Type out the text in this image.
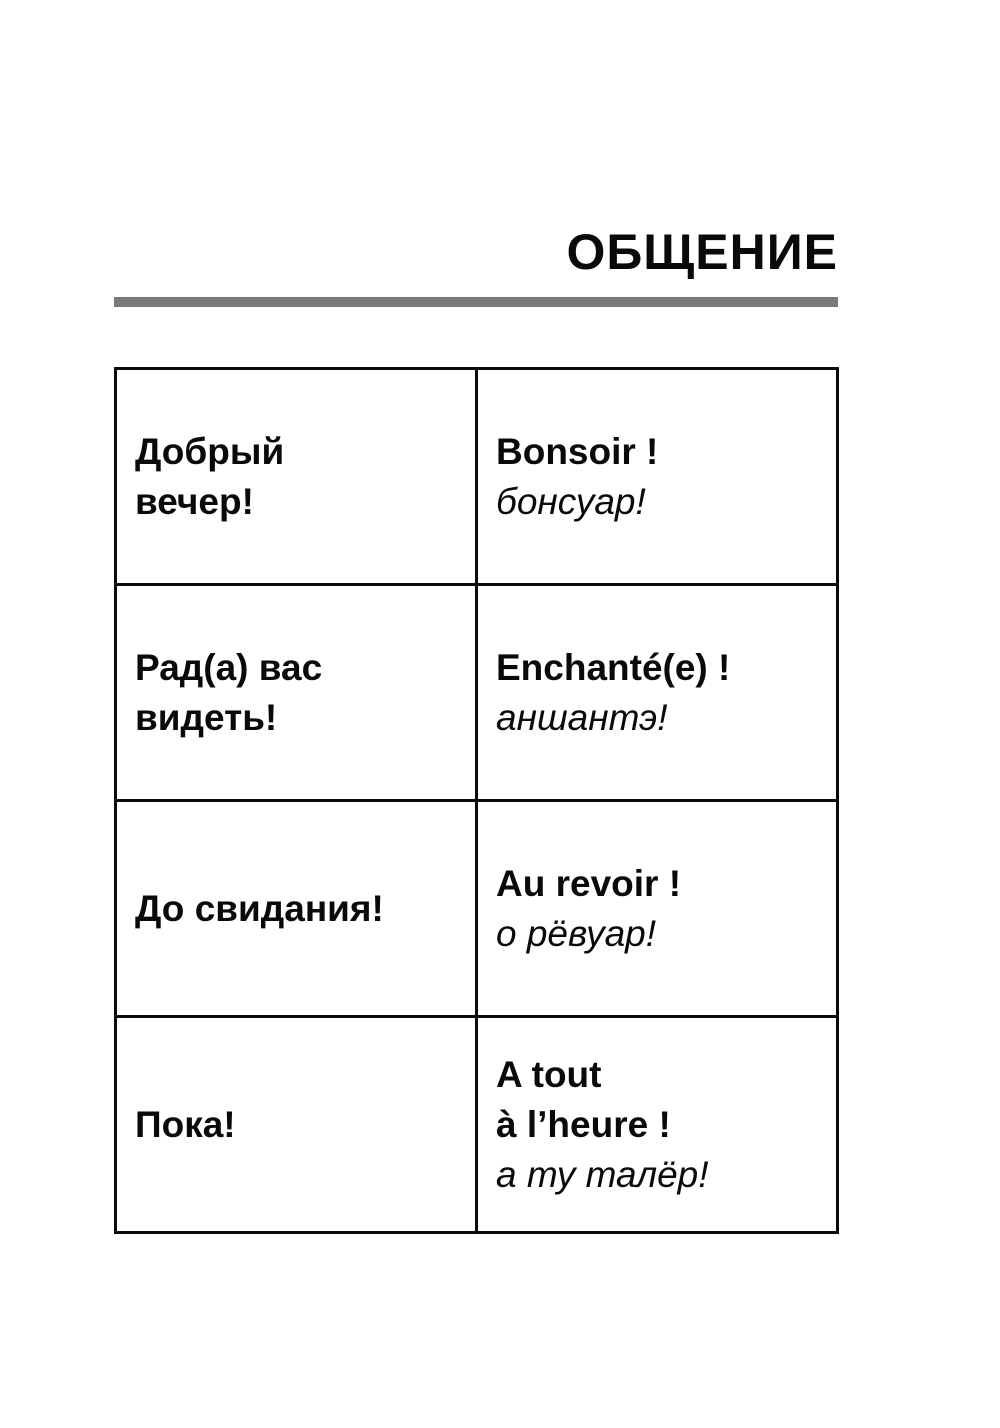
ОБЩЕНИЕ
Добрый
вечер!	Bonsoir !
бонсуар!

Рад(а) вас
видеть!	Enchanté(e) !
аншантэ!

До свидания!	Au revoir !
о рёвуар!

Пока!	A tout
à l’heure !
а ту талёр!
